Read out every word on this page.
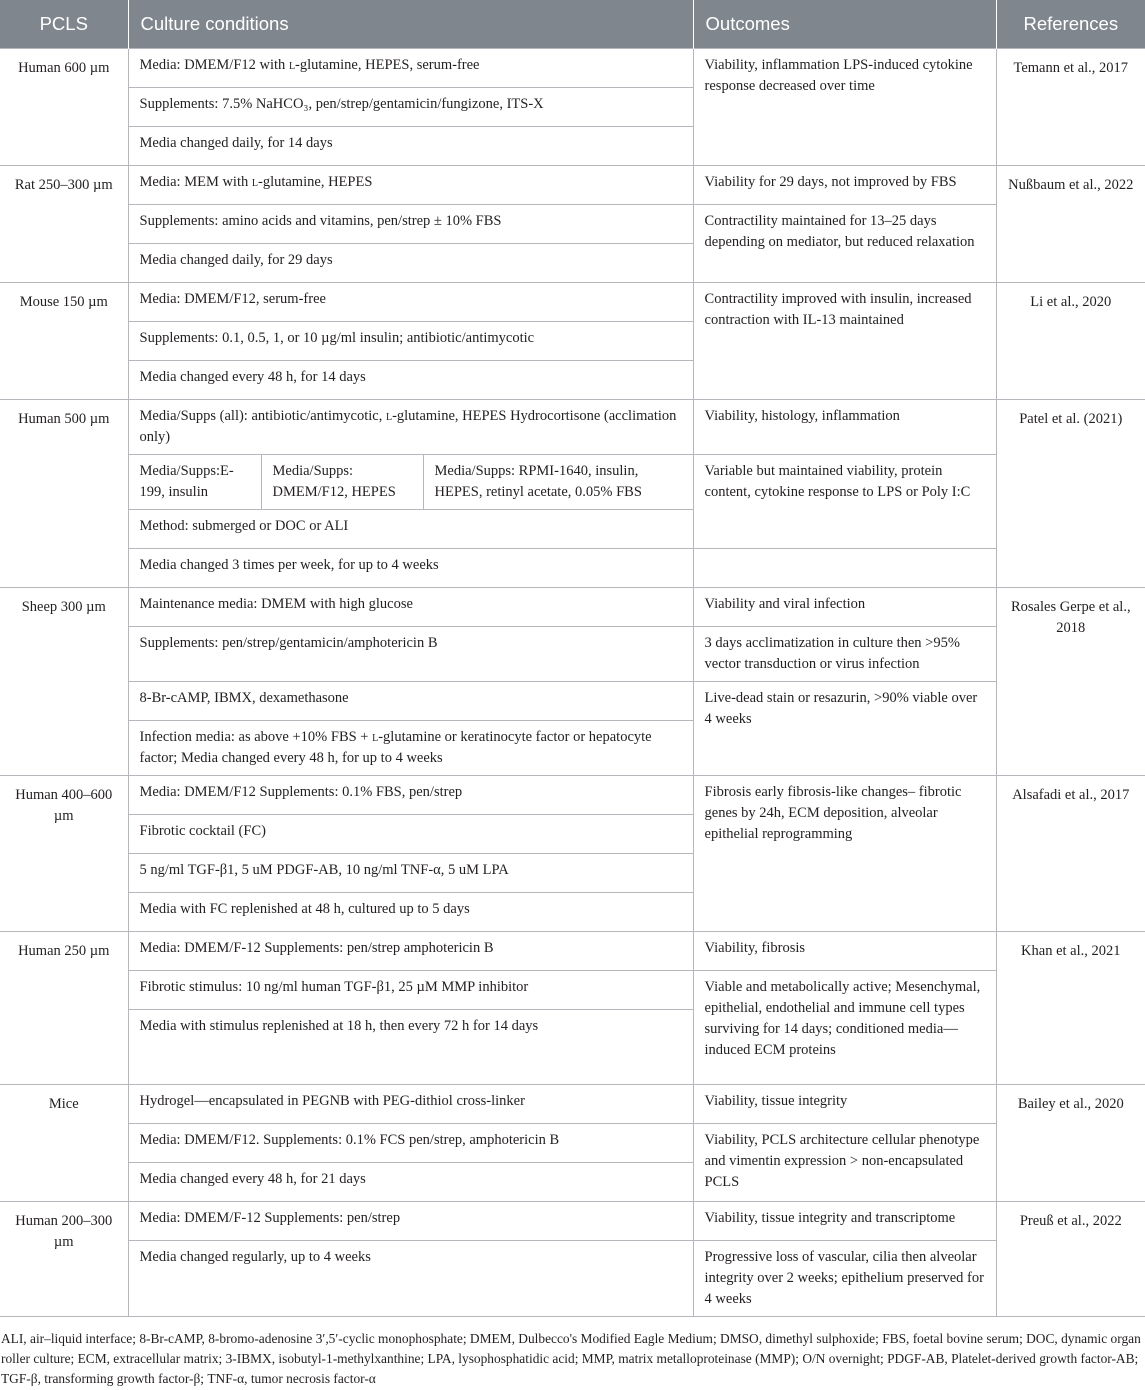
PCLS	Culture conditions			Outcomes	References
Human 600 µm	Media: DMEM/F12 with l-glutamine, HEPES, serum-free			Viability, inflammation LPS-induced cytokine response decreased over time	Temann et al., 2017
	Supplements: 7.5% NaHCO₃, pen/strep/gentamicin/fungizone, ITS-X				
	Media changed daily, for 14 days				
Rat 250–300 µm	Media: MEM with l-glutamine, HEPES			Viability for 29 days, not improved by FBS	Nußbaum et al., 2022
	Supplements: amino acids and vitamins, pen/strep ± 10% FBS			Contractility maintained for 13–25 days depending on mediator, but reduced relaxation	
	Media changed daily, for 29 days				
Mouse 150 µm	Media: DMEM/F12, serum-free			Contractility improved with insulin, increased contraction with IL-13 maintained	Li et al., 2020
	Supplements: 0.1, 0.5, 1, or 10 µg/ml insulin; antibiotic/antimycotic				
	Media changed every 48 h, for 14 days				
Human 500 µm	Media/Supps (all): antibiotic/antimycotic, l-glutamine, HEPES Hydrocortisone (acclimation only)			Viability, histology, inflammation	Patel et al. (2021)
	Media/Supps:E-199, insulin	Media/Supps: DMEM/F12, HEPES	Media/Supps: RPMI-1640, insulin, HEPES, retinyl acetate, 0.05% FBS	Variable but maintained viability, protein content, cytokine response to LPS or Poly I:C	
	Method: submerged or DOC or ALI				
	Media changed 3 times per week, for up to 4 weeks				
Sheep 300 µm	Maintenance media: DMEM with high glucose			Viability and viral infection	Rosales Gerpe et al., 2018
	Supplements: pen/strep/gentamicin/amphotericin B			3 days acclimatization in culture then >95% vector transduction or virus infection	
	8-Br-cAMP, IBMX, dexamethasone			Live-dead stain or resazurin, >90% viable over 4 weeks	
	Infection media: as above +10% FBS + l-glutamine or keratinocyte factor or hepatocyte factor; Media changed every 48 h, for up to 4 weeks				
Human 400–600 µm	Media: DMEM/F12 Supplements: 0.1% FBS, pen/strep			Fibrosis early fibrosis-like changes– fibrotic genes by 24h, ECM deposition, alveolar epithelial reprogramming	Alsafadi et al., 2017
	Fibrotic cocktail (FC)				
	5 ng/ml TGF-β1, 5 uM PDGF-AB, 10 ng/ml TNF-α, 5 uM LPA				
	Media with FC replenished at 48 h, cultured up to 5 days				
Human 250 µm	Media: DMEM/F-12 Supplements: pen/strep amphotericin B			Viability, fibrosis	Khan et al., 2021
	Fibrotic stimulus: 10 ng/ml human TGF-β1, 25 µM MMP inhibitor			Viable and metabolically active; Mesenchymal, epithelial, endothelial and immune cell types surviving for 14 days; conditioned media—induced ECM proteins	
	Media with stimulus replenished at 18 h, then every 72 h for 14 days				
Mice	Hydrogel—encapsulated in PEGNB with PEG-dithiol cross-linker			Viability, tissue integrity	Bailey et al., 2020
	Media: DMEM/F12. Supplements: 0.1% FCS pen/strep, amphotericin B			Viability, PCLS architecture cellular phenotype and vimentin expression > non-encapsulated PCLS	
	Media changed every 48 h, for 21 days				
Human 200–300 µm	Media: DMEM/F-12 Supplements: pen/strep			Viability, tissue integrity and transcriptome	Preuß et al., 2022
	Media changed regularly, up to 4 weeks			Progressive loss of vascular, cilia then alveolar integrity over 2 weeks; epithelium preserved for 4 weeks	

ALI, air–liquid interface; 8-Br-cAMP, 8-bromo-adenosine 3′,5′-cyclic monophosphate; DMEM, Dulbecco's Modified Eagle Medium; DMSO, dimethyl sulphoxide; FBS, foetal bovine serum; DOC, dynamic organ roller culture; ECM, extracellular matrix; 3-IBMX, isobutyl-1-methylxanthine; LPA, lysophosphatidic acid; MMP, matrix metalloproteinase (MMP); O/N overnight; PDGF-AB, Platelet-derived growth factor-AB; TGF-β, transforming growth factor-β; TNF-α, tumor necrosis factor-α
